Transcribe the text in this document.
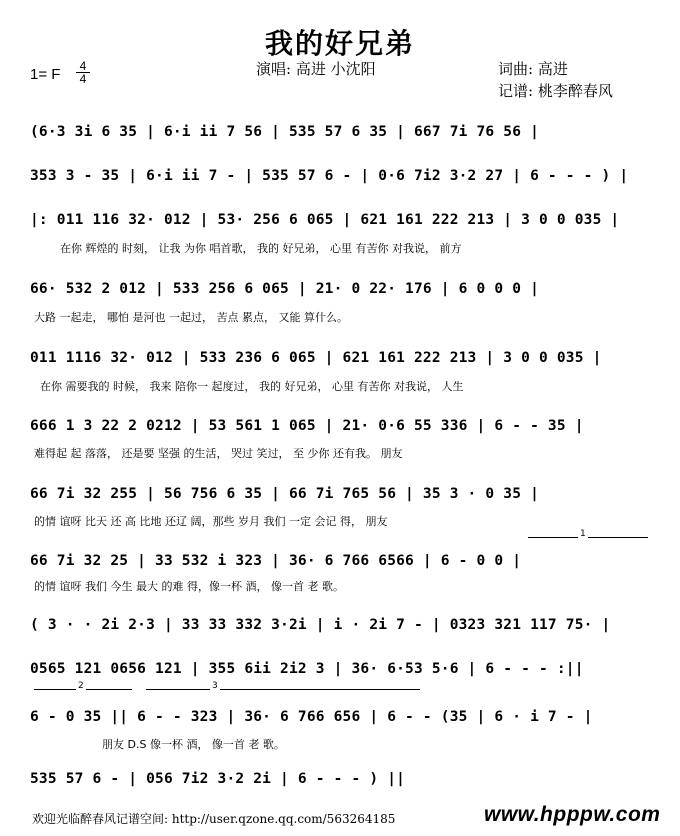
我的好兄弟
1= F	4
4
演唱: 高进 小沈阳	词曲: 高进
记谱: 桃李醉春风
(6·3 3i 6 35 | 6·i ii 7 56 | 535 57 6 35 | 667 7i 76 56 |
353 3 - 35 | 6·i ii 7 - | 535 57 6 - | 0·6 7i2 3·2 27 | 6 - - - ) |
|: 011 116 32· 012 | 53· 256 6 065 | 621 161 222 213 | 3 0 0 035 |
在你 辉煌的 时刻， 让我 为你 唱首歌， 我的 好兄弟， 心里 有苦你 对我说， 前方
66· 532 2 012 | 533 256 6 065 | 21· 0 22· 176 | 6 0 0 0 |
大路 一起走， 哪怕 是河也 一起过， 苦点 累点， 又能 算什么。
011 1116 32· 012 | 533 236 6 065 | 621 161 222 213 | 3 0 0 035 |
在你 需要我的 时候， 我来 陪你一 起度过， 我的 好兄弟， 心里 有苦你 对我说， 人生
666 1 3 22 2 0212 | 53 561 1 065 | 21· 0·6 55 336 | 6 - - 35 |
难得起 起 落落， 还是要 坚强 的生活， 哭过 笑过， 至 少你 还有我。 朋友
66 7i 32 255 | 56 756 6 35 | 66 7i 765 56 | 35 3 · 0 35 |
的情 谊呀 比天 还 高 比地 还辽 阔，那些 岁月 我们 一定 会记 得， 朋友
1
66 7i 32 25 | 33 532 i 323 | 36· 6 766 6566 | 6 - 0 0 |
的情 谊呀 我们 今生 最大 的难 得，像一杯 酒， 像一首 老 歌。
( 3 · · 2i 2·3 | 33 33 332 3·2i | i · 2i 7 - | 0323 321 117 75· |
0565 121 0656 121 | 355 6ii 2i2 3 | 36· 6·53 5·6 | 6 - - - :||
2	3
6 - 0 35 || 6 - - 323 | 36· 6 766 656 | 6 - - (35 | 6 · i 7 - |
朋友 D.S 像一杯 酒， 像一首 老 歌。
535 57 6 - | 056 7i2 3·2 2i | 6 - - - ) ||
欢迎光临醉春风记谱空间: http://user.qzone.qq.com/563264185	www.hpppw.com
